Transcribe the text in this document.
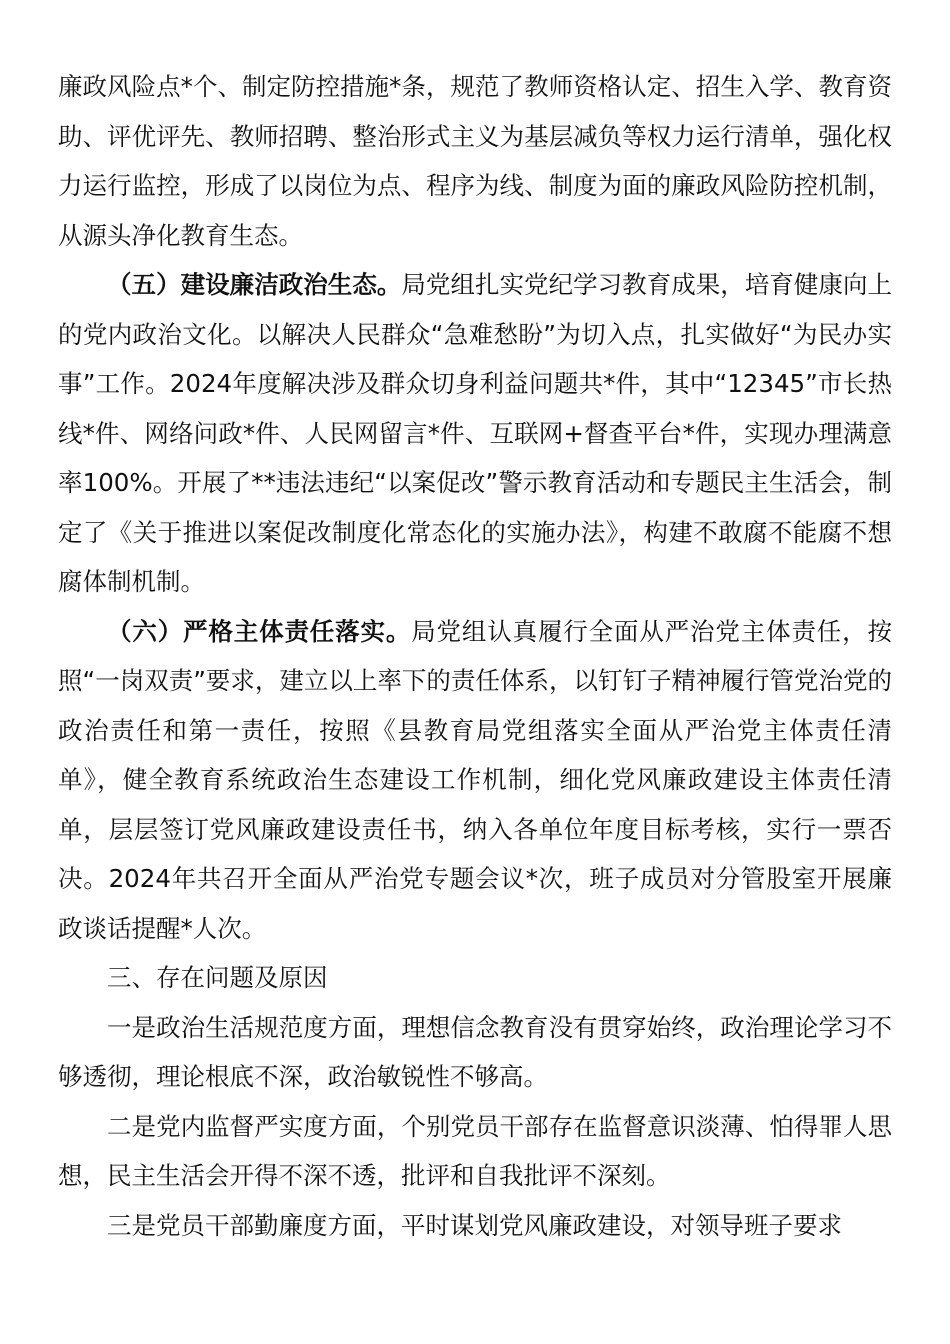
廉政风险点*个、制定防控措施*条，规范了教师资格认定、招生入学、教育资助、评优评先、教师招聘、整治形式主义为基层减负等权力运行清单，强化权力运行监控，形成了以岗位为点、程序为线、制度为面的廉政风险防控机制，从源头净化教育生态。

（五）建设廉洁政治生态。局党组扎实党纪学习教育成果，培育健康向上的党内政治文化。以解决人民群众“急难愁盼”为切入点，扎实做好“为民办实事”工作。2024年度解决涉及群众切身利益问题共*件，其中“12345”市长热线*件、网络问政*件、人民网留言*件、互联网+督查平台*件，实现办理满意率100%。开展了**违法违纪“以案促改”警示教育活动和专题民主生活会，制定了《关于推进以案促改制度化常态化的实施办法》，构建不敢腐不能腐不想腐体制机制。

（六）严格主体责任落实。局党组认真履行全面从严治党主体责任，按照“一岗双责”要求，建立以上率下的责任体系，以钉钉子精神履行管党治党的政治责任和第一责任，按照《县教育局党组落实全面从严治党主体责任清单》，健全教育系统政治生态建设工作机制，细化党风廉政建设主体责任清单，层层签订党风廉政建设责任书，纳入各单位年度目标考核，实行一票否决。2024年共召开全面从严治党专题会议*次，班子成员对分管股室开展廉政谈话提醒*人次。

三、存在问题及原因

一是政治生活规范度方面，理想信念教育没有贯穿始终，政治理论学习不够透彻，理论根底不深，政治敏锐性不够高。

二是党内监督严实度方面，个别党员干部存在监督意识淡薄、怕得罪人思想，民主生活会开得不深不透，批评和自我批评不深刻。

三是党员干部勤廉度方面，平时谋划党风廉政建设，对领导班子要求
